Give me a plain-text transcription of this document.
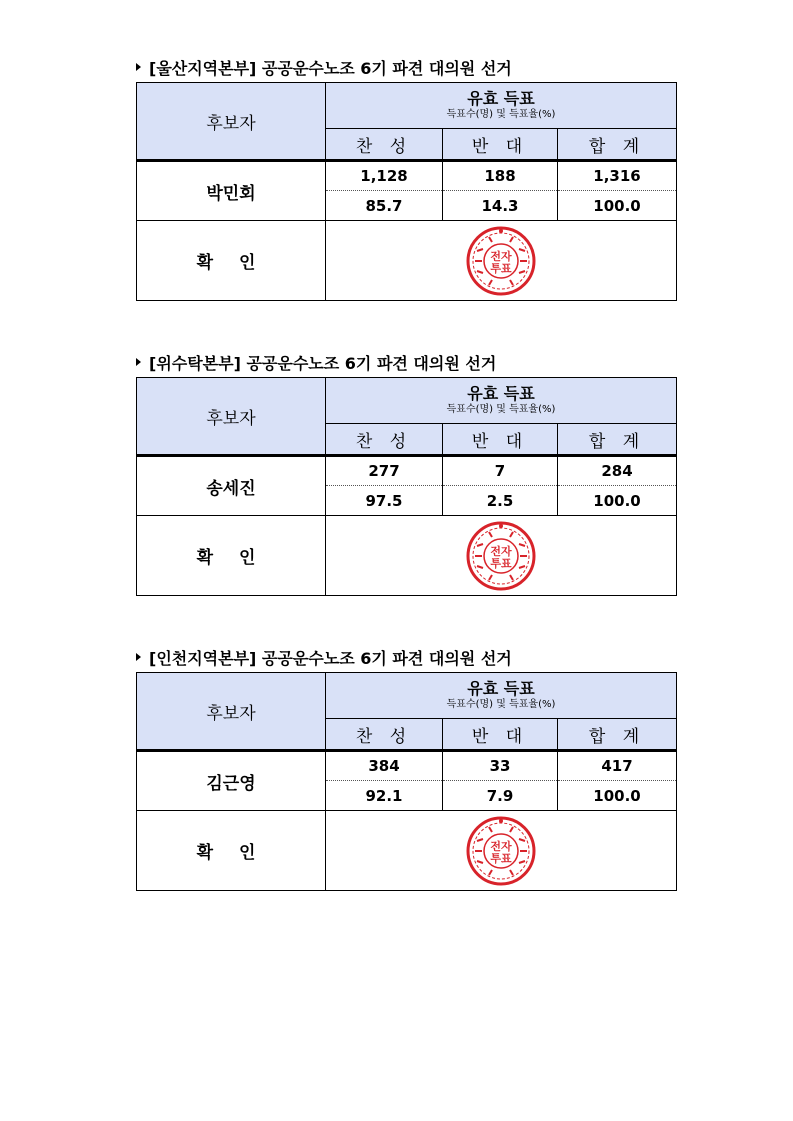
[울산지역본부] 공공운수노조 6기 파견 대의원 선거
후보자	유효 득표
득표수(명) 및 득표율(%)		

	찬 성	반 대	합 계
박민회	1,128	188	1,316
	85.7	14.3	100.0
확 인	전자
투표		
[위수탁본부] 공공운수노조 6기 파견 대의원 선거
후보자	유효 득표
득표수(명) 및 득표율(%)		

	찬 성	반 대	합 계
송세진	277	7	284
	97.5	2.5	100.0
확 인	전자
투표		
[인천지역본부] 공공운수노조 6기 파견 대의원 선거
후보자	유효 득표
득표수(명) 및 득표율(%)		

	찬 성	반 대	합 계
김근영	384	33	417
	92.1	7.9	100.0
확 인	전자
투표		
